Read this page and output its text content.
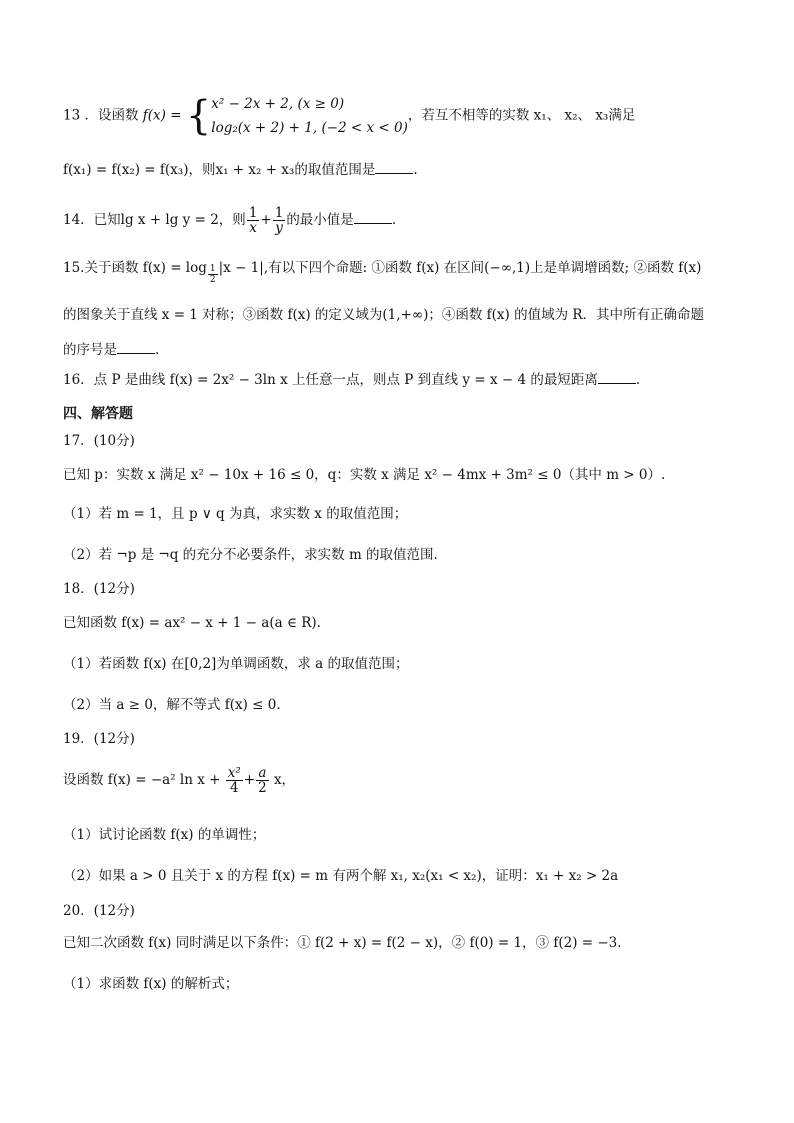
13 ．设函数 f(x) = { x² − 2x + 2, (x ≥ 0)
log₂(x + 2) + 1, (−2 < x < 0)
，若互不相等的实数 x₁、 x₂、 x₃满足
f(x₁) = f(x₂) = f(x₃)，则x₁ + x₂ + x₃的取值范围是	.
14．已知lg x + lg y = 2，则 $\frac{1}{x} + \frac{1}{y}$ 的最小值是	.
15.关于函数 $f(x) = \log \frac{1}{2} |x - 1|$,有以下四个命题: ①函数 f(x) 在区间(−∞,1)上是单调增函数; ②函数 f(x)
的图象关于直线 x = 1 对称；③函数 f(x) 的定义域为(1,+∞)；④函数 f(x) 的值域为 R．其中所有正确命题
的序号是	.
16．点 P 是曲线 f(x) = 2x² − 3ln x 上任意一点，则点 P 到直线 y = x − 4 的最短距离	.
四、解答题
17．(10分)
已知 p：实数 x 满足 x² − 10x + 16 ≤ 0，q：实数 x 满足 x² − 4mx + 3m² ≤ 0（其中 m > 0）.
（1）若 m = 1，且 p ∨ q 为真，求实数 x 的取值范围；
（2）若 ¬p 是 ¬q 的充分不必要条件，求实数 m 的取值范围.
18．(12分)
已知函数 f(x) = ax² − x + 1 − a(a ∈ R).
（1）若函数 f(x) 在[0,2]为单调函数，求 a 的取值范围；
（2）当 a ≥ 0，解不等式 f(x) ≤ 0.
19．(12分)
设函数 f(x) = −a² $\ln x + \frac{\text{x²}}{4} + \frac{a}{2}$ x，
（1）试讨论函数 f(x) 的单调性；
（2）如果 a > 0 且关于 x 的方程 f(x) = m 有两个解 x₁, x₂(x₁ < x₂)，证明：x₁ + x₂ > 2a
20．(12分)
已知二次函数 f(x) 同时满足以下条件：① f(2 + x) = f(2 − x)，② f(0) = 1，③ f(2) = −3．
（1）求函数 f(x) 的解析式；
